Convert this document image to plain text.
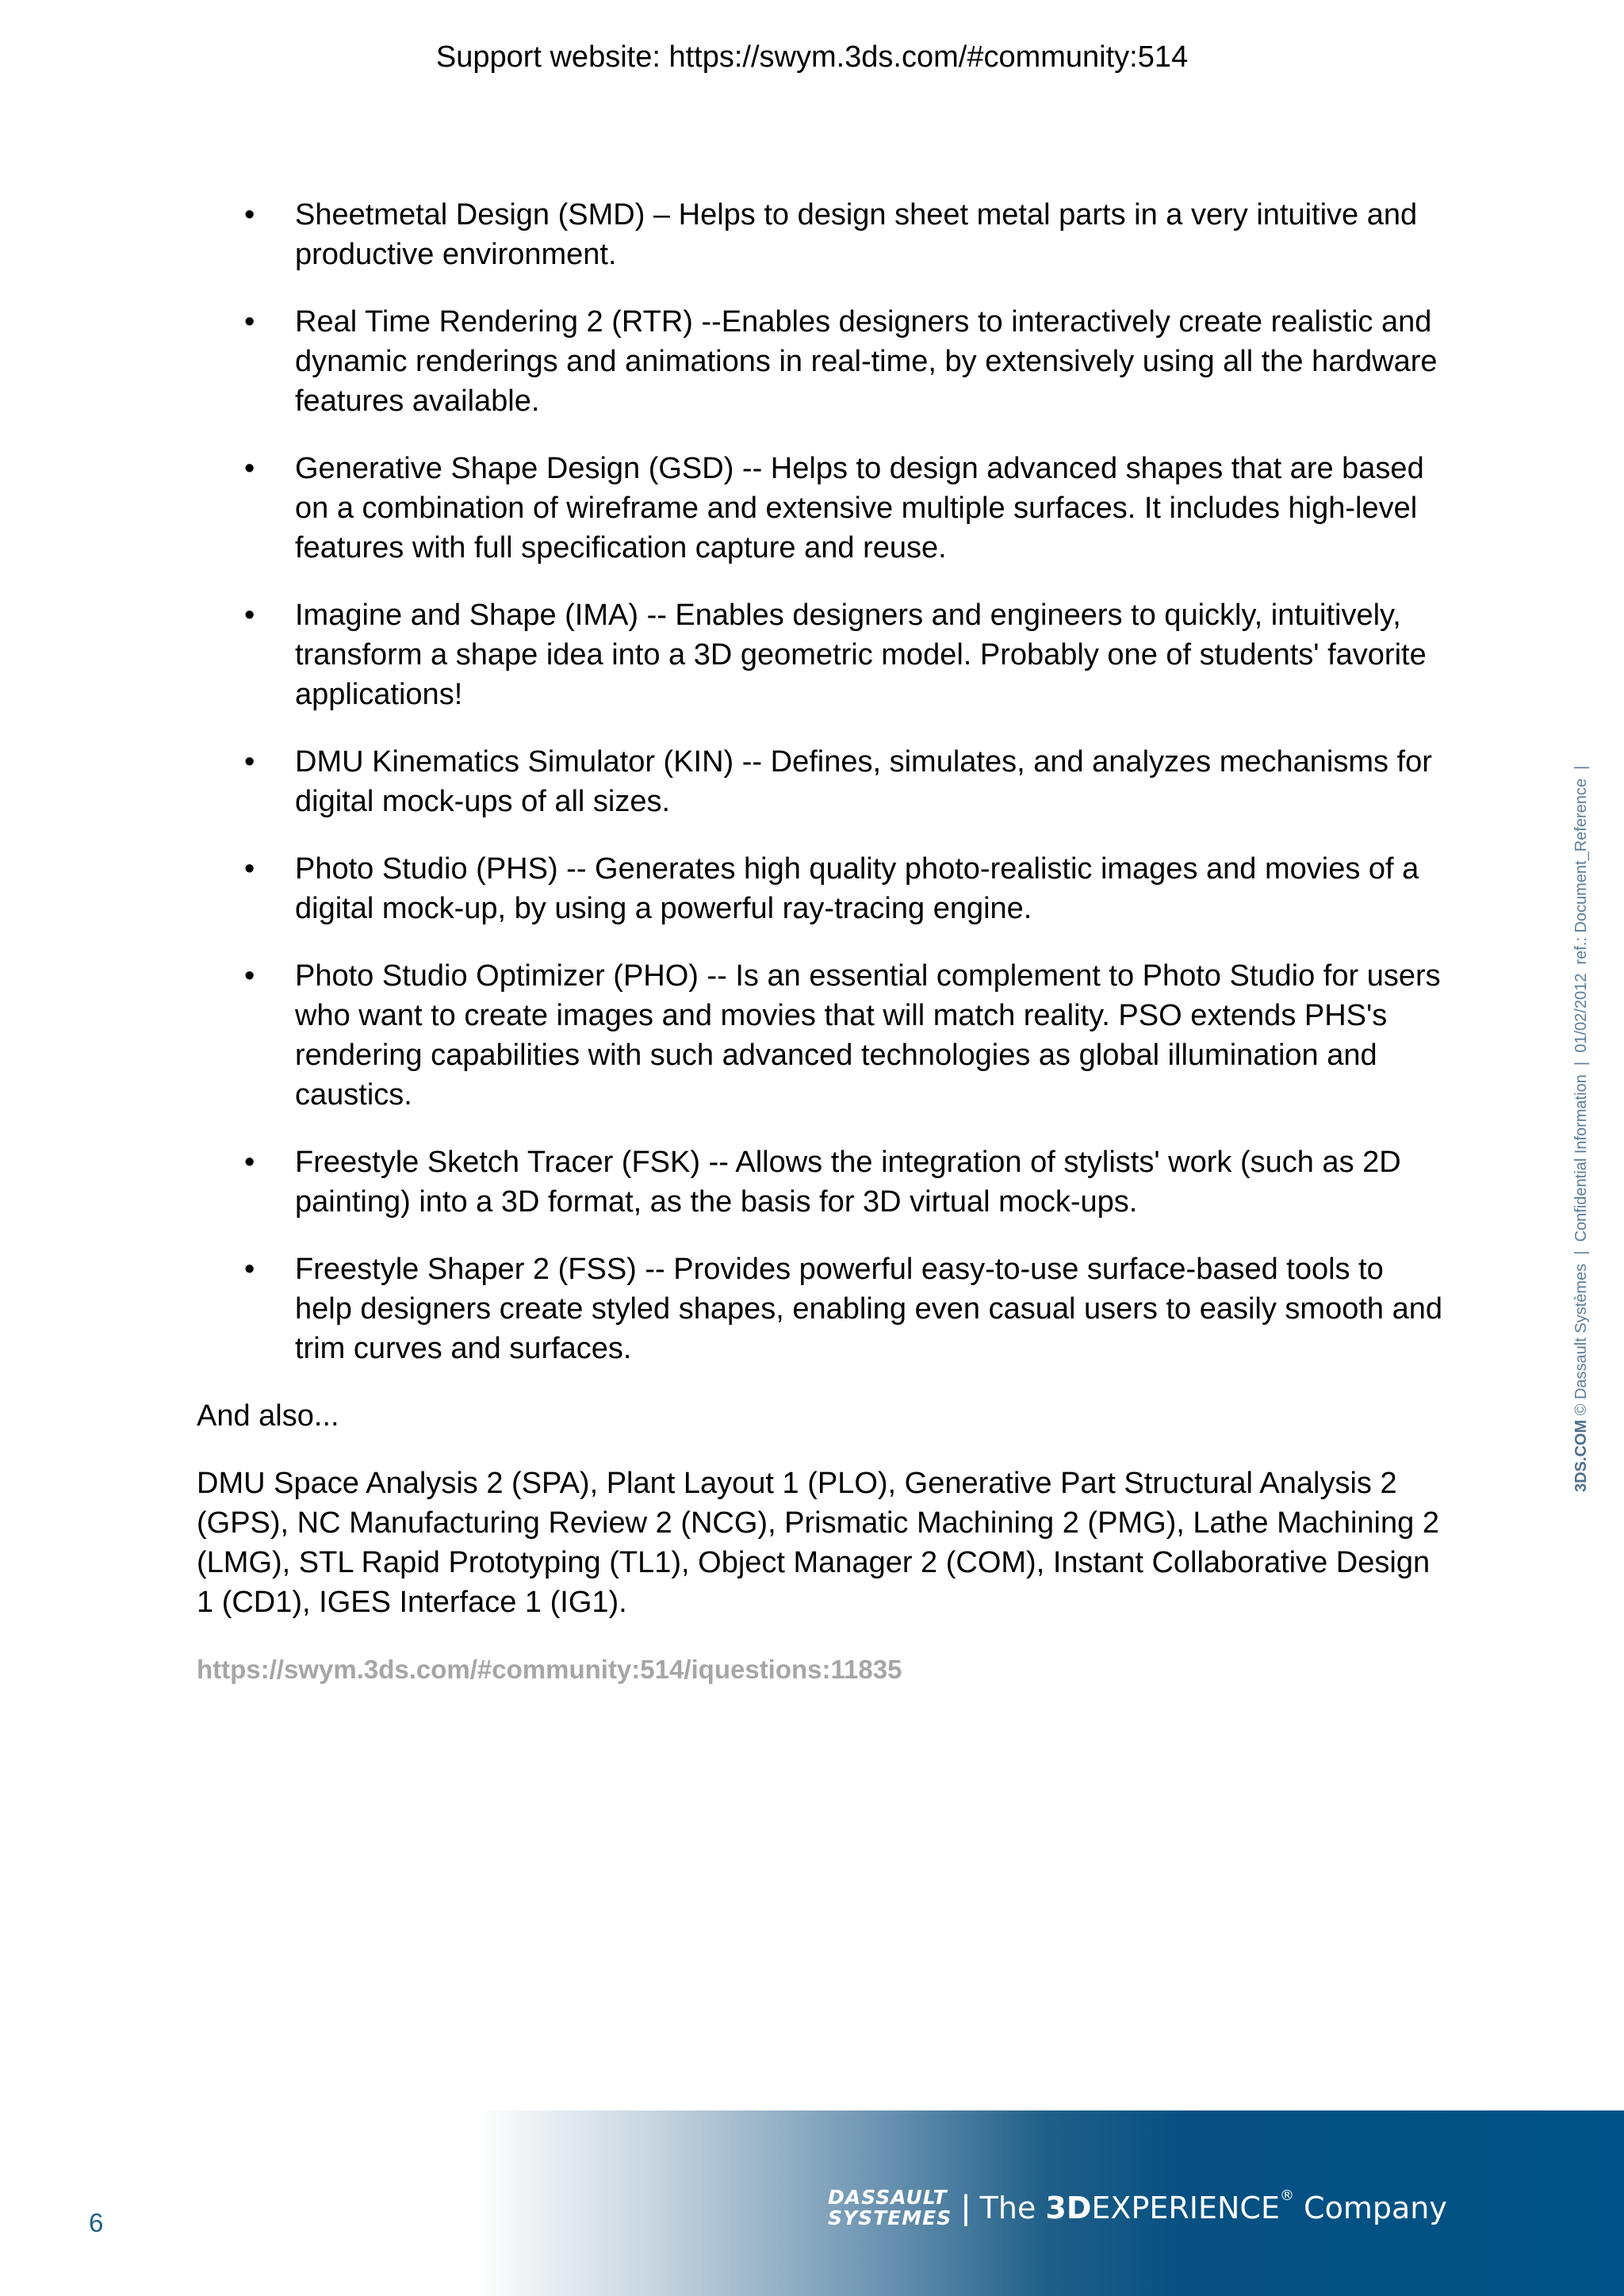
Support website: https://swym.3ds.com/#community:514
• Sheetmetal Design (SMD) – Helps to design sheet metal parts in a very intuitive and productive environment.
• Real Time Rendering 2 (RTR) --Enables designers to interactively create realistic and dynamic renderings and animations in real-time, by extensively using all the hardware features available.
• Generative Shape Design (GSD) -- Helps to design advanced shapes that are based on a combination of wireframe and extensive multiple surfaces. It includes high-level features with full specification capture and reuse.
• Imagine and Shape (IMA) -- Enables designers and engineers to quickly, intuitively, transform a shape idea into a 3D geometric model. Probably one of students' favorite applications!
• DMU Kinematics Simulator (KIN) -- Defines, simulates, and analyzes mechanisms for digital mock-ups of all sizes.
• Photo Studio (PHS) -- Generates high quality photo-realistic images and movies of a digital mock-up, by using a powerful ray-tracing engine.
• Photo Studio Optimizer (PHO) -- Is an essential complement to Photo Studio for users who want to create images and movies that will match reality. PSO extends PHS's rendering capabilities with such advanced technologies as global illumination and caustics.
• Freestyle Sketch Tracer (FSK) -- Allows the integration of stylists' work (such as 2D painting) into a 3D format, as the basis for 3D virtual mock-ups.
• Freestyle Shaper 2 (FSS) -- Provides powerful easy-to-use surface-based tools to help designers create styled shapes, enabling even casual users to easily smooth and trim curves and surfaces.

And also...

DMU Space Analysis 2 (SPA), Plant Layout 1 (PLO), Generative Part Structural Analysis 2 (GPS), NC Manufacturing Review 2 (NCG), Prismatic Machining 2 (PMG), Lathe Machining 2 (LMG), STL Rapid Prototyping (TL1), Object Manager 2 (COM), Instant Collaborative Design 1 (CD1), IGES Interface 1 (IG1).

https://swym.3ds.com/#community:514/iquestions:11835
3DS.COM © Dassault Systèmes  |  Confidential Information  |  01/02/2012  ref.: Document_Reference  |
6
DASSAULT
SYSTEMES | The 3DEXPERIENCE® Company
